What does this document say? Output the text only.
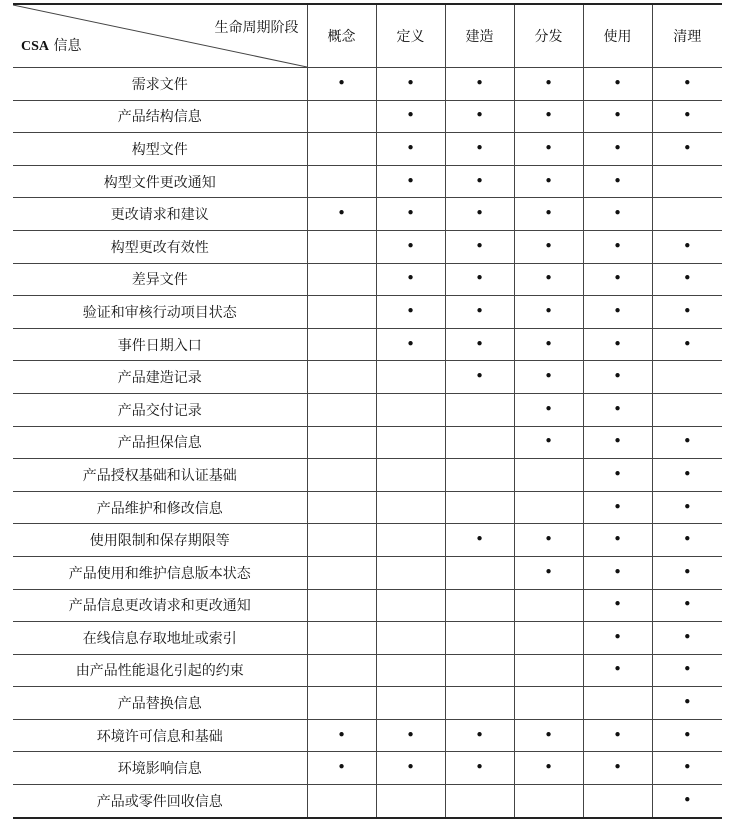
生命周期阶段
CSA 信息	概念	定义	建造	分发	使用	清理
需求文件	•	•	•	•	•	•
产品结构信息		•	•	•	•	•
构型文件		•	•	•	•	•
构型文件更改通知		•	•	•	•	
更改请求和建议	•	•	•	•	•	
构型更改有效性		•	•	•	•	•
差异文件		•	•	•	•	•
验证和审核行动项目状态		•	•	•	•	•
事件日期入口		•	•	•	•	•
产品建造记录			•	•	•	
产品交付记录				•	•	
产品担保信息				•	•	•
产品授权基础和认证基础					•	•
产品维护和修改信息					•	•
使用限制和保存期限等			•	•	•	•
产品使用和维护信息版本状态				•	•	•
产品信息更改请求和更改通知					•	•
在线信息存取地址或索引					•	•
由产品性能退化引起的约束					•	•
产品替换信息						•
环境许可信息和基础	•	•	•	•	•	•
环境影响信息	•	•	•	•	•	•
产品或零件回收信息						•
